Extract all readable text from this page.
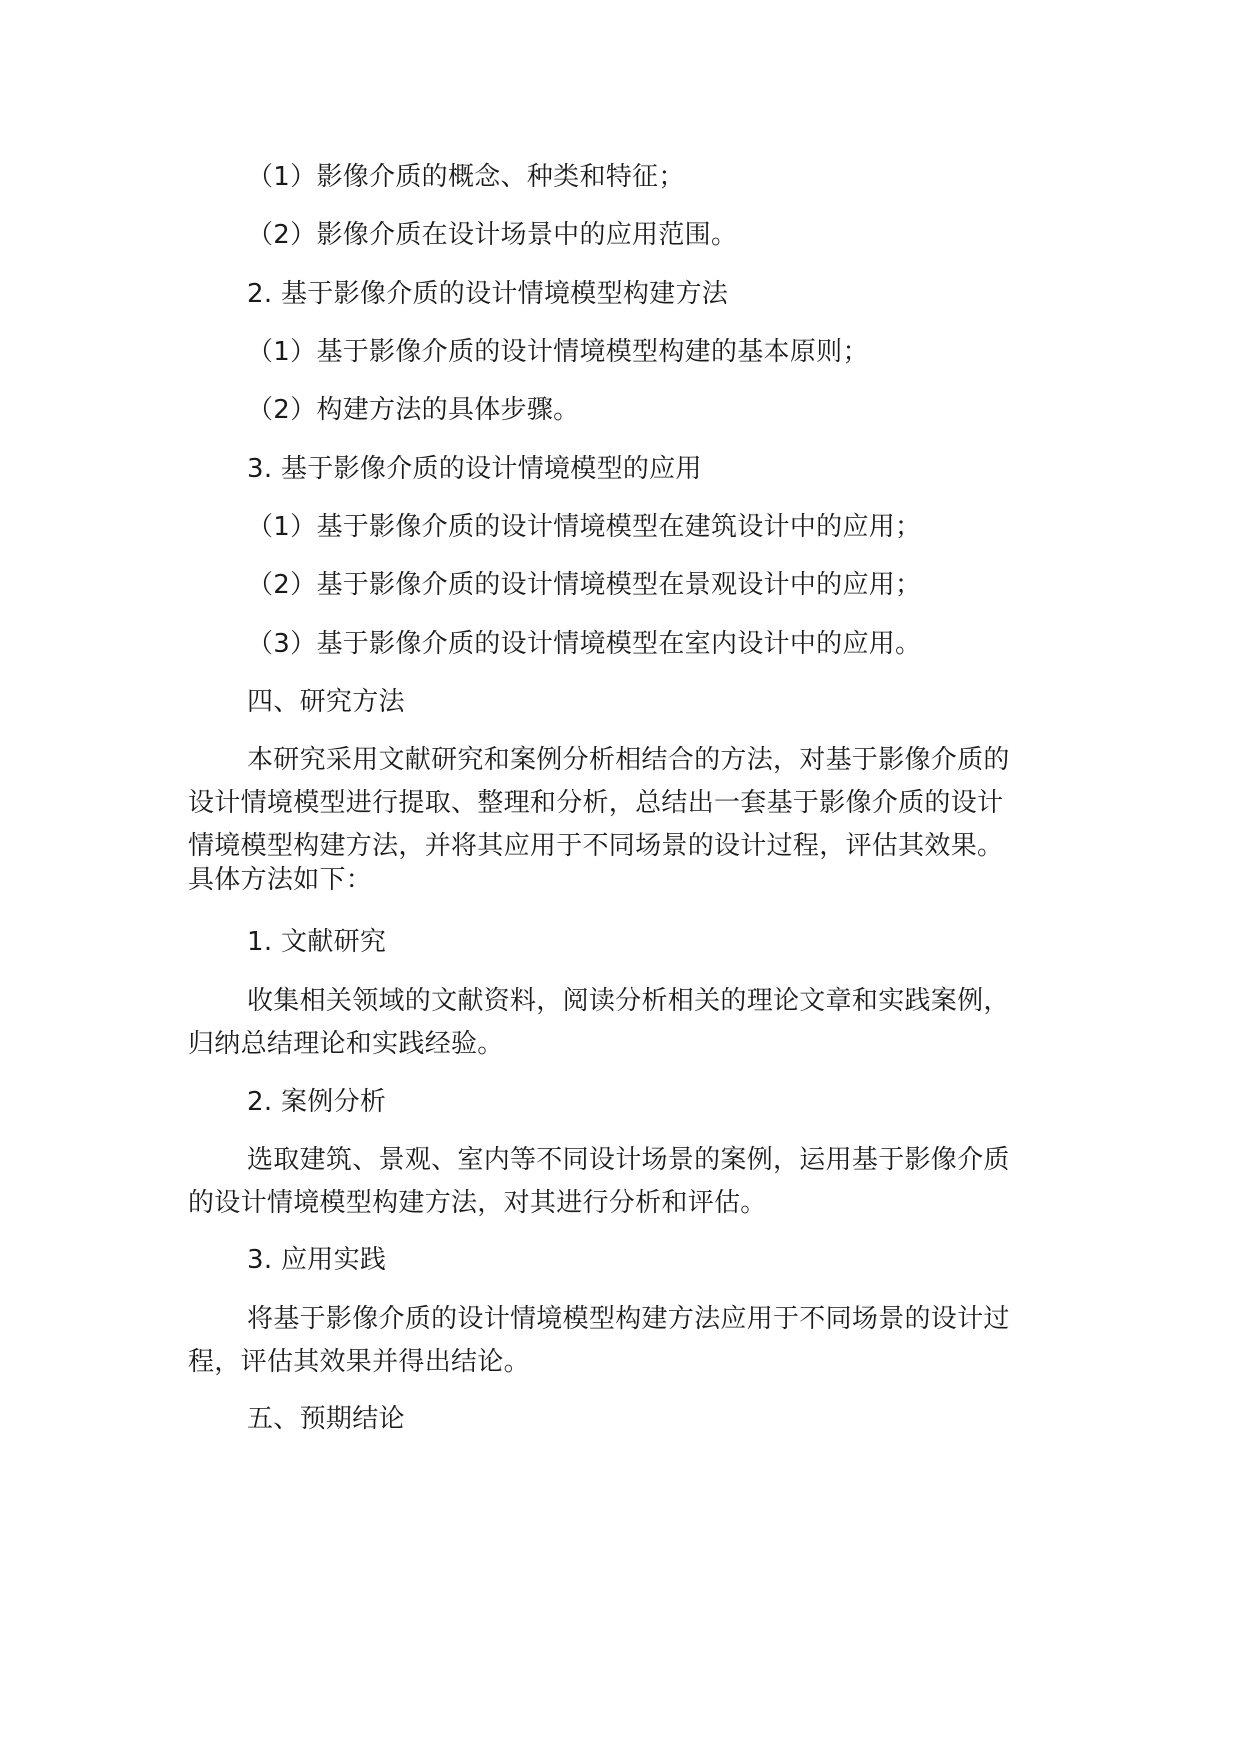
（1）影像介质的概念、种类和特征；

（2）影像介质在设计场景中的应用范围。

2. 基于影像介质的设计情境模型构建方法

（1）基于影像介质的设计情境模型构建的基本原则；

（2）构建方法的具体步骤。

3. 基于影像介质的设计情境模型的应用

（1）基于影像介质的设计情境模型在建筑设计中的应用；

（2）基于影像介质的设计情境模型在景观设计中的应用；

（3）基于影像介质的设计情境模型在室内设计中的应用。

四、研究方法

本研究采用文献研究和案例分析相结合的方法，对基于影像介质的

设计情境模型进行提取、整理和分析，总结出一套基于影像介质的设计

情境模型构建方法，并将其应用于不同场景的设计过程，评估其效果。

具体方法如下：

1. 文献研究

收集相关领域的文献资料，阅读分析相关的理论文章和实践案例，

归纳总结理论和实践经验。

2. 案例分析

选取建筑、景观、室内等不同设计场景的案例，运用基于影像介质

的设计情境模型构建方法，对其进行分析和评估。

3. 应用实践

将基于影像介质的设计情境模型构建方法应用于不同场景的设计过

程，评估其效果并得出结论。

五、预期结论
